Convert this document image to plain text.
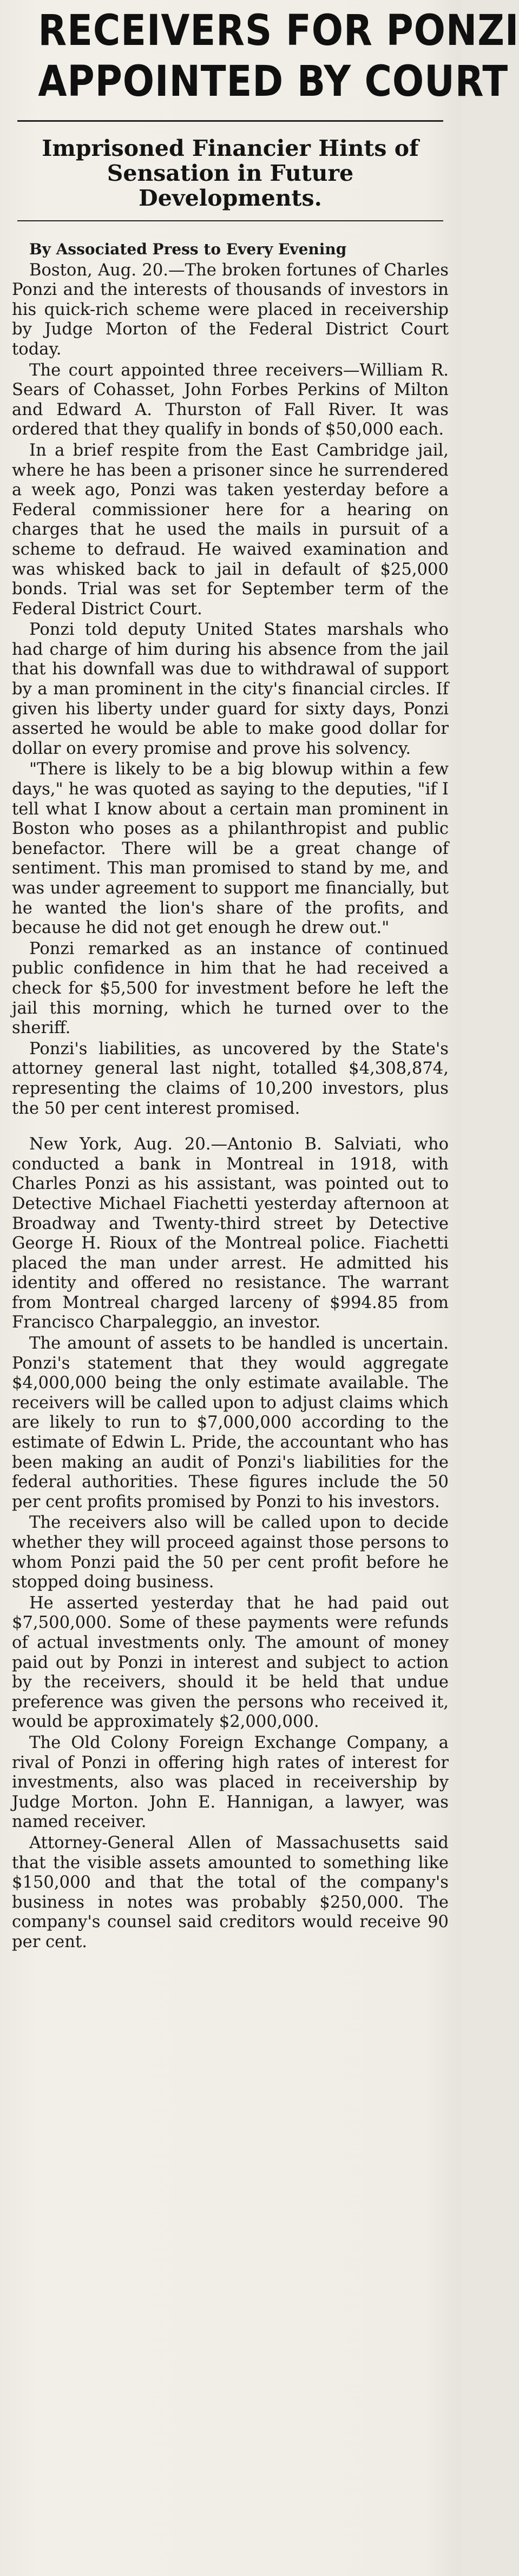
RECEIVERS FOR PONZI
APPOINTED BY COURT
Imprisoned Financier Hints of
Sensation in Future
Developments.

By Associated Press to Every Evening

Boston, Aug. 20.—The broken fortunes of Charles Ponzi and the interests of thousands of investors in his quick-rich scheme were placed in receivership by Judge Morton of the Federal District Court today.

The court appointed three receivers—William R. Sears of Cohasset, John Forbes Perkins of Milton and Edward A. Thurston of Fall River. It was ordered that they qualify in bonds of $50,000 each.

In a brief respite from the East Cambridge jail, where he has been a prisoner since he surrendered a week ago, Ponzi was taken yesterday before a Federal commissioner here for a hearing on charges that he used the mails in pursuit of a scheme to defraud. He waived examination and was whisked back to jail in default of $25,000 bonds. Trial was set for September term of the Federal District Court.

Ponzi told deputy United States marshals who had charge of him during his absence from the jail that his downfall was due to withdrawal of support by a man prominent in the city's financial circles. If given his liberty under guard for sixty days, Ponzi asserted he would be able to make good dollar for dollar on every promise and prove his solvency.

"There is likely to be a big blowup within a few days," he was quoted as saying to the deputies, "if I tell what I know about a certain man prominent in Boston who poses as a philanthropist and public benefactor. There will be a great change of sentiment. This man promised to stand by me, and was under agreement to support me financially, but he wanted the lion's share of the profits, and because he did not get enough he drew out."

Ponzi remarked as an instance of continued public confidence in him that he had received a check for $5,500 for investment before he left the jail this morning, which he turned over to the sheriff.

Ponzi's liabilities, as uncovered by the State's attorney general last night, totalled $4,308,874, representing the claims of 10,200 investors, plus the 50 per cent interest promised.

New York, Aug. 20.—Antonio B. Salviati, who conducted a bank in Montreal in 1918, with Charles Ponzi as his assistant, was pointed out to Detective Michael Fiachetti yesterday afternoon at Broadway and Twenty-third street by Detective George H. Rioux of the Montreal police. Fiachetti placed the man under arrest. He admitted his identity and offered no resistance. The warrant from Montreal charged larceny of $994.85 from Francisco Charpaleggio, an investor.

The amount of assets to be handled is uncertain. Ponzi's statement that they would aggregate $4,000,000 being the only estimate available. The receivers will be called upon to adjust claims which are likely to run to $7,000,000 according to the estimate of Edwin L. Pride, the accountant who has been making an audit of Ponzi's liabilities for the federal authorities. These figures include the 50 per cent profits promised by Ponzi to his investors.

The receivers also will be called upon to decide whether they will proceed against those persons to whom Ponzi paid the 50 per cent profit before he stopped doing business.

He asserted yesterday that he had paid out $7,500,000. Some of these payments were refunds of actual investments only. The amount of money paid out by Ponzi in interest and subject to action by the receivers, should it be held that undue preference was given the persons who received it, would be approximately $2,000,000.

The Old Colony Foreign Exchange Company, a rival of Ponzi in offering high rates of interest for investments, also was placed in receivership by Judge Morton. John E. Hannigan, a lawyer, was named receiver.

Attorney-General Allen of Massachusetts said that the visible assets amounted to something like $150,000 and that the total of the company's business in notes was probably $250,000. The company's counsel said creditors would receive 90 per cent.
